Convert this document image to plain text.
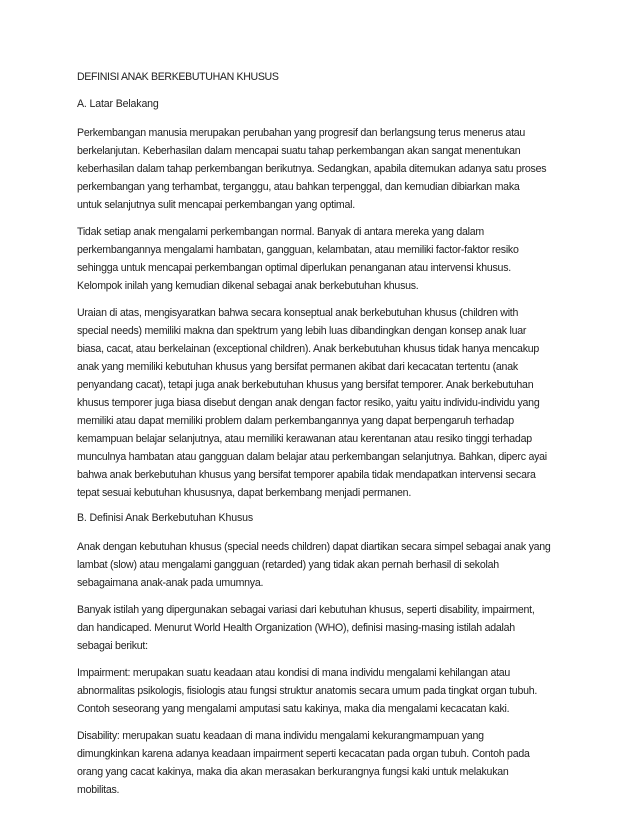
DEFINISI ANAK BERKEBUTUHAN KHUSUS
A. Latar Belakang
Perkembangan manusia merupakan perubahan yang progresif dan berlangsung terus menerus atau
berkelanjutan. Keberhasilan dalam mencapai suatu tahap perkembangan akan sangat menentukan
keberhasilan dalam tahap perkembangan berikutnya. Sedangkan, apabila ditemukan adanya satu proses
perkembangan yang terhambat, terganggu, atau bahkan terpenggal, dan kemudian dibiarkan maka
untuk selanjutnya sulit mencapai perkembangan yang optimal.
Tidak setiap anak mengalami perkembangan normal. Banyak di antara mereka yang dalam
perkembangannya mengalami hambatan, gangguan, kelambatan, atau memiliki factor-faktor resiko
sehingga untuk mencapai perkembangan optimal diperlukan penanganan atau intervensi khusus.
Kelompok inilah yang kemudian dikenal sebagai anak berkebutuhan khusus.
Uraian di atas, mengisyaratkan bahwa secara konseptual anak berkebutuhan khusus (children with
special needs) memiliki makna dan spektrum yang lebih luas dibandingkan dengan konsep anak luar
biasa, cacat, atau berkelainan (exceptional children). Anak berkebutuhan khusus tidak hanya mencakup
anak yang memiliki kebutuhan khusus yang bersifat permanen akibat dari kecacatan tertentu (anak
penyandang cacat), tetapi juga anak berkebutuhan khusus yang bersifat temporer. Anak berkebutuhan
khusus temporer juga biasa disebut dengan anak dengan factor resiko, yaitu yaitu individu-individu yang
memiliki atau dapat memiliki problem dalam perkembangannya yang dapat berpengaruh terhadap
kemampuan belajar selanjutnya, atau memiliki kerawanan atau kerentanan atau resiko tinggi terhadap
munculnya hambatan atau gangguan dalam belajar atau perkembangan selanjutnya. Bahkan, diperc ayai
bahwa anak berkebutuhan khusus yang bersifat temporer apabila tidak mendapatkan intervensi secara
tepat sesuai kebutuhan khususnya, dapat berkembang menjadi permanen.
B. Definisi Anak Berkebutuhan Khusus
Anak dengan kebutuhan khusus (special needs children) dapat diartikan secara simpel sebagai anak yang
lambat (slow) atau mengalami gangguan (retarded) yang tidak akan pernah berhasil di sekolah
sebagaimana anak-anak pada umumnya.
Banyak istilah yang dipergunakan sebagai variasi dari kebutuhan khusus, seperti disability, impairment,
dan handicaped. Menurut World Health Organization (WHO), definisi masing-masing istilah adalah
sebagai berikut:
Impairment: merupakan suatu keadaan atau kondisi di mana individu mengalami kehilangan atau
abnormalitas psikologis, fisiologis atau fungsi struktur anatomis secara umum pada tingkat organ tubuh.
Contoh seseorang yang mengalami amputasi satu kakinya, maka dia mengalami kecacatan kaki.
Disability: merupakan suatu keadaan di mana individu mengalami kekurangmampuan yang
dimungkinkan karena adanya keadaan impairment seperti kecacatan pada organ tubuh. Contoh pada
orang yang cacat kakinya, maka dia akan merasakan berkurangnya fungsi kaki untuk melakukan
mobilitas.
